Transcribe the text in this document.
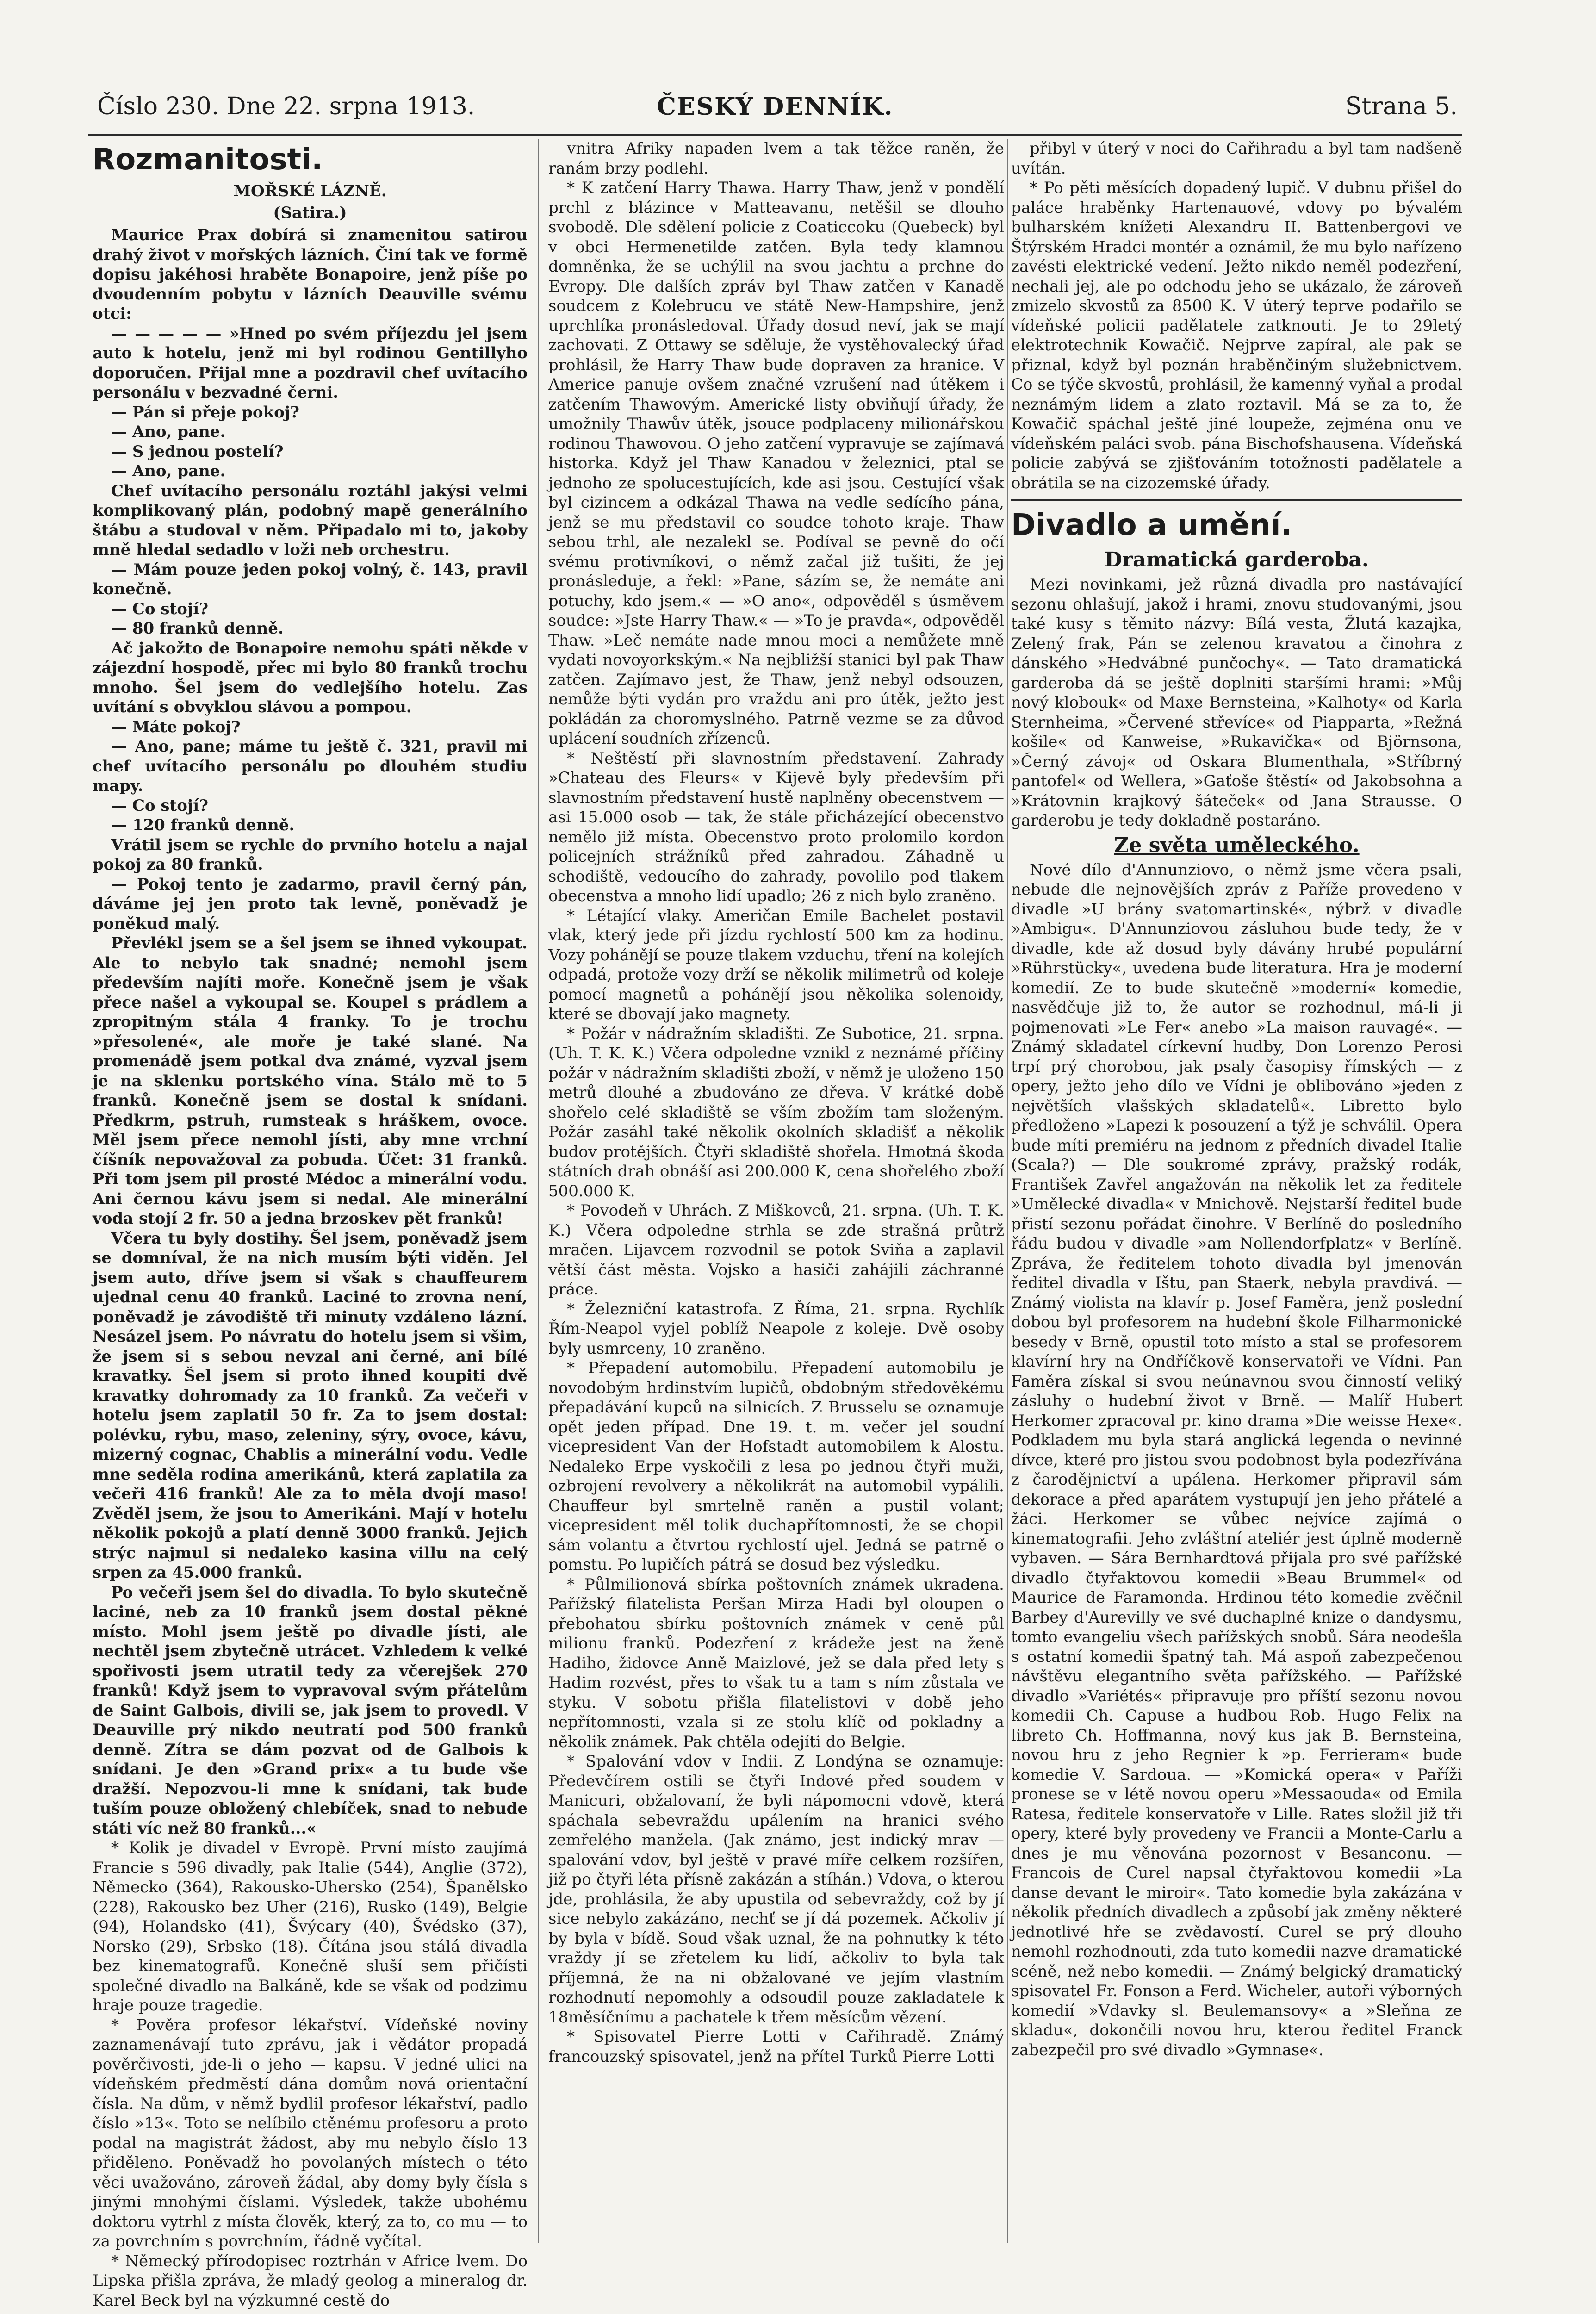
Číslo 230. Dne 22. srpna 1913.	ČESKÝ DENNÍK.	Strana 5.
Rozmanitosti.
MOŘSKÉ LÁZNĚ.
(Satira.)

Maurice Prax dobírá si znamenitou satirou drahý život v mořských lázních. Činí tak ve formě dopisu jakéhosi hraběte Bonapoire, jenž píše po dvoudenním pobytu v lázních Deauville svému otci:

— — — — — »Hned po svém příjezdu jel jsem auto k hotelu, jenž mi byl rodinou Gentillyho doporučen. Přijal mne a pozdravil chef uvítacího personálu v bezvadné černi.

— Pán si přeje pokoj?

— Ano, pane.

— S jednou postelí?

— Ano, pane.

Chef uvítacího personálu roztáhl jakýsi velmi komplikovaný plán, podobný mapě generálního štábu a studoval v něm. Připadalo mi to, jakoby mně hledal sedadlo v loži neb orchestru.

— Mám pouze jeden pokoj volný, č. 143, pravil konečně.

— Co stojí?

— 80 franků denně.

Ač jakožto de Bonapoire nemohu spáti někde v zájezdní hospodě, přec mi bylo 80 franků trochu mnoho. Šel jsem do vedlejšího hotelu. Zas uvítání s obvyklou slávou a pompou.

— Máte pokoj?

— Ano, pane; máme tu ještě č. 321, pravil mi chef uvítacího personálu po dlouhém studiu mapy.

— Co stojí?

— 120 franků denně.

Vrátil jsem se rychle do prvního hotelu a najal pokoj za 80 franků.

— Pokoj tento je zadarmo, pravil černý pán, dáváme jej jen proto tak levně, poněvadž je poněkud malý.

Převlékl jsem se a šel jsem se ihned vykoupat. Ale to nebylo tak snadné; nemohl jsem především najíti moře. Konečně jsem je však přece našel a vykoupal se. Koupel s prádlem a zpropitným stála 4 franky. To je trochu »přesolené«, ale moře je také slané. Na promenádě jsem potkal dva známé, vyzval jsem je na sklenku portského vína. Stálo mě to 5 franků. Konečně jsem se dostal k snídani. Předkrm, pstruh, rumsteak s hráškem, ovoce. Měl jsem přece nemohl jísti, aby mne vrchní číšník nepovažoval za pobuda. Účet: 31 franků. Při tom jsem pil prosté Médoc a minerální vodu. Ani černou kávu jsem si nedal. Ale minerální voda stojí 2 fr. 50 a jedna brzoskev pět franků!

Včera tu byly dostihy. Šel jsem, poněvadž jsem se domníval, že na nich musím býti viděn. Jel jsem auto, dříve jsem si však s chauffeurem ujednal cenu 40 franků. Laciné to zrovna není, poněvadž je závodiště tři minuty vzdáleno lázní. Nesázel jsem. Po návratu do hotelu jsem si všim, že jsem si s sebou nevzal ani černé, ani bílé kravatky. Šel jsem si proto ihned koupiti dvě kravatky dohromady za 10 franků. Za večeři v hotelu jsem zaplatil 50 fr. Za to jsem dostal: polévku, rybu, maso, zeleniny, sýry, ovoce, kávu, mizerný cognac, Chablis a minerální vodu. Vedle mne seděla rodina amerikánů, která zaplatila za večeři 416 franků! Ale za to měla dvojí maso! Zvěděl jsem, že jsou to Amerikáni. Mají v hotelu několik pokojů a platí denně 3000 franků. Jejich strýc najmul si nedaleko kasina villu na celý srpen za 45.000 franků.

Po večeři jsem šel do divadla. To bylo skutečně laciné, neb za 10 franků jsem dostal pěkné místo. Mohl jsem ještě po divadle jísti, ale nechtěl jsem zbytečně utrácet. Vzhledem k velké spořivosti jsem utratil tedy za včerejšek 270 franků! Když jsem to vypravoval svým přátelům de Saint Galbois, divili se, jak jsem to provedl. V Deauville prý nikdo neutratí pod 500 franků denně. Zítra se dám pozvat od de Galbois k snídani. Je den »Grand prix« a tu bude vše dražší. Nepozvou-li mne k snídani, tak bude tuším pouze obložený chlebíček, snad to nebude státi víc než 80 franků...«

* Kolik je divadel v Evropě. První místo zaujímá Francie s 596 divadly, pak Italie (544), Anglie (372), Německo (364), Rakousko-Uhersko (254), Španělsko (228), Rakousko bez Uher (216), Rusko (149), Belgie (94), Holandsko (41), Švýcary (40), Švédsko (37), Norsko (29), Srbsko (18). Čítána jsou stálá divadla bez kinematografů. Konečně sluší sem přičísti společné divadlo na Balkáně, kde se však od podzimu hraje pouze tragedie.

* Pověra profesor lékařství. Vídeňské noviny zaznamenávají tuto zprávu, jak i vědátor propadá pověrčivosti, jde-li o jeho — kapsu. V jedné ulici na vídeňském předměstí dána domům nová orientační čísla. Na dům, v němž bydlil profesor lékařství, padlo číslo »13«. Toto se nelíbilo ctěnému profesoru a proto podal na magistrát žádost, aby mu nebylo číslo 13 přiděleno. Poněvadž ho povolaných místech o této věci uvažováno, zároveň žádal, aby domy byly čísla s jinými mnohými číslami. Výsledek, takže ubohému doktoru vytrhl z místa člověk, který, za to, co mu — to za povrchním s povrchním, řádně vyčítal.

* Německý přírodopisec roztrhán v Africe lvem. Do Lipska přišla zpráva, že mladý geolog a mineralog dr. Karel Beck byl na výzkumné cestě do

vnitra Afriky napaden lvem a tak těžce raněn, že ranám brzy podlehl.

* K zatčení Harry Thawa. Harry Thaw, jenž v pondělí prchl z blázince v Matteavanu, netěšil se dlouho svobodě. Dle sdělení policie z Coaticcoku (Quebeck) byl v obci Hermenetilde zatčen. Byla tedy klamnou domněnka, že se uchýlil na svou jachtu a prchne do Evropy. Dle dalších zpráv byl Thaw zatčen v Kanadě soudcem z Kolebrucu ve státě New-Hampshire, jenž uprchlíka pronásledoval. Úřady dosud neví, jak se mají zachovati. Z Ottawy se sděluje, že vystěhovalecký úřad prohlásil, že Harry Thaw bude dopraven za hranice. V Americe panuje ovšem značné vzrušení nad útěkem i zatčením Thawovým. Americké listy obviňují úřady, že umožnily Thawův útěk, jsouce podplaceny milionářskou rodinou Thawovou. O jeho zatčení vypravuje se zajímavá historka. Když jel Thaw Kanadou v železnici, ptal se jednoho ze spolucestujících, kde asi jsou. Cestující však byl cizincem a odkázal Thawa na vedle sedícího pána, jenž se mu představil co soudce tohoto kraje. Thaw sebou trhl, ale nezalekl se. Podíval se pevně do očí svému protivníkovi, o němž začal již tušiti, že jej pronásleduje, a řekl: »Pane, sázím se, že nemáte ani potuchy, kdo jsem.« — »O ano«, odpověděl s úsměvem soudce: »Jste Harry Thaw.« — »To je pravda«, odpověděl Thaw. »Leč nemáte nade mnou moci a nemůžete mně vydati novoyorkským.« Na nejbližší stanici byl pak Thaw zatčen. Zajímavo jest, že Thaw, jenž nebyl odsouzen, nemůže býti vydán pro vraždu ani pro útěk, ježto jest pokládán za choromyslného. Patrně vezme se za důvod uplácení soudních zřízenců.

* Neštěstí při slavnostním představení. Zahrady »Chateau des Fleurs« v Kijevě byly především při slavnostním představení hustě naplněny obecenstvem — asi 15.000 osob — tak, že stále přicházející obecenstvo nemělo již místa. Obecenstvo proto prolomilo kordon policejních strážníků před zahradou. Záhadně u schodiště, vedoucího do zahrady, povolilo pod tlakem obecenstva a mnoho lidí upadlo; 26 z nich bylo zraněno.

* Létající vlaky. Američan Emile Bachelet postavil vlak, který jede při jízdu rychlostí 500 km za hodinu. Vozy pohánějí se pouze tlakem vzduchu, tření na kolejích odpadá, protože vozy drží se několik milimetrů od koleje pomocí magnetů a pohánějí jsou několika solenoidy, které se dbovají jako magnety.

* Požár v nádražním skladišti. Ze Subotice, 21. srpna. (Uh. T. K. K.) Včera odpoledne vznikl z neznámé příčiny požár v nádražním skladišti zboží, v němž je uloženo 150 metrů dlouhé a zbudováno ze dřeva. V krátké době shořelo celé skladiště se vším zbožím tam složeným. Požár zasáhl také několik okolních skladišť a několik budov protějších. Čtyři skladiště shořela. Hmotná škoda státních drah obnáší asi 200.000 K, cena shořelého zboží 500.000 K.

* Povodeň v Uhrách. Z Miškovců, 21. srpna. (Uh. T. K. K.) Včera odpoledne strhla se zde strašná průtrž mračen. Lijavcem rozvodnil se potok Sviňa a zaplavil větší část města. Vojsko a hasiči zahájili záchranné práce.

* Železniční katastrofa. Z Říma, 21. srpna. Rychlík Řím-Neapol vyjel poblíž Neapole z koleje. Dvě osoby byly usmrceny, 10 zraněno.

* Přepadení automobilu. Přepadení automobilu je novodobým hrdinstvím lupičů, obdobným středověkému přepadávání kupců na silnicích. Z Brusselu se oznamuje opět jeden případ. Dne 19. t. m. večer jel soudní vicepresident Van der Hofstadt automobilem k Alostu. Nedaleko Erpe vyskočili z lesa po jednou čtyři muži, ozbrojení revolvery a několikrát na automobil vypálili. Chauffeur byl smrtelně raněn a pustil volant; vicepresident měl tolik duchapřítomnosti, že se chopil sám volantu a čtvrtou rychlostí ujel. Jedná se patrně o pomstu. Po lupičích pátrá se dosud bez výsledku.

* Půlmilionová sbírka poštovních známek ukradena. Pařížský filatelista Peršan Mirza Hadi byl oloupen o přebohatou sbírku poštovních známek v ceně půl milionu franků. Podezření z krádeže jest na ženě Hadiho, židovce Anně Maizlové, jež se dala před lety s Hadim rozvést, přes to však tu a tam s ním zůstala ve styku. V sobotu přišla filatelistovi v době jeho nepřítomnosti, vzala si ze stolu klíč od pokladny a několik známek. Pak chtěla odejíti do Belgie.

* Spalování vdov v Indii. Z Londýna se oznamuje: Předevčírem ostili se čtyři Indové před soudem v Manicuri, obžalovaní, že byli nápomocni vdově, která spáchala sebevraždu upálením na hranici svého zemřelého manžela. (Jak známo, jest indický mrav — spalování vdov, byl ještě v pravé míře celkem rozšířen, již po čtyři léta přísně zakázán a stíhán.) Vdova, o kterou jde, prohlásila, že aby upustila od sebevraždy, což by jí sice nebylo zakázáno, nechť se jí dá pozemek. Ačkoliv jí by byla v bídě. Soud však uznal, že na pohnutky k této vraždy jí se zřetelem ku lidí, ačkoliv to byla tak příjemná, že na ni obžalované ve jejím vlastním rozhodnutí nepomohly a odsoudil pouze zakladatele k 18měsíčnímu a pachatele k třem měsícům vězení.

* Spisovatel Pierre Lotti v Cařihradě. Známý francouzský spisovatel, jenž na přítel Turků Pierre Lotti

přibyl v úterý v noci do Cařihradu a byl tam nadšeně uvítán.

* Po pěti měsících dopadený lupič. V dubnu přišel do paláce hraběnky Hartenauové, vdovy po bývalém bulharském knížeti Alexandru II. Battenbergovi ve Štýrském Hradci montér a oznámil, že mu bylo nařízeno zavésti elektrické vedení. Ježto nikdo neměl podezření, nechali jej, ale po odchodu jeho se ukázalo, že zároveň zmizelo skvostů za 8500 K. V úterý teprve podařilo se vídeňské policii padělatele zatknouti. Je to 29letý elektrotechnik Kowačič. Nejprve zapíral, ale pak se přiznal, když byl poznán hraběnčiným služebnictvem. Co se týče skvostů, prohlásil, že kamenný vyňal a prodal neznámým lidem a zlato roztavil. Má se za to, že Kowačič spáchal ještě jiné loupeže, zejména onu ve vídeňském paláci svob. pána Bischofshausena. Vídeňská policie zabývá se zjišťováním totožnosti padělatele a obrátila se na cizozemské úřady.

Divadlo a umění.
Dramatická garderoba.

Mezi novinkami, jež různá divadla pro nastávající sezonu ohlašují, jakož i hrami, znovu studovanými, jsou také kusy s těmito názvy: Bílá vesta, Žlutá kazajka, Zelený frak, Pán se zelenou kravatou a činohra z dánského »Hedvábné punčochy«. — Tato dramatická garderoba dá se ještě doplniti staršími hrami: »Můj nový klobouk« od Maxe Bernsteina, »Kalhoty« od Karla Sternheima, »Červené střevíce« od Piapparta, »Režná košile« od Kanweise, »Rukavička« od Björnsona, »Černý závoj« od Oskara Blumenthala, »Stříbrný pantofel« od Wellera, »Gaťoše štěstí« od Jakobsohna a »Krátovnin krajkový šáteček« od Jana Strausse. O garderobu je tedy dokladně postaráno.

Ze světa uměleckého.

Nové dílo d'Annunziovo, o němž jsme včera psali, nebude dle nejnovějších zpráv z Paříže provedeno v divadle »U brány svatomartinské«, nýbrž v divadle »Ambigu«. D'Annunziovou zásluhou bude tedy, že v divadle, kde až dosud byly dávány hrubé populární »Rührstücky«, uvedena bude literatura. Hra je moderní komedií. Ze to bude skutečně »moderní« komedie, nasvědčuje již to, že autor se rozhodnul, má-li ji pojmenovati »Le Fer« anebo »La maison rauvagé«. — Známý skladatel církevní hudby, Don Lorenzo Perosi trpí prý chorobou, jak psaly časopisy římských — z opery, ježto jeho dílo ve Vídni je oblibováno »jeden z největších vlašských skladatelů«. Libretto bylo předloženo »Lapezi k posouzení a týž je schválil. Opera bude míti premiéru na jednom z předních divadel Italie (Scala?) — Dle soukromé zprávy, pražský rodák, František Zavřel angažován na několik let za ředitele »Umělecké divadla« v Mnichově. Nejstarší ředitel bude přistí sezonu pořádat činohre. V Berlíně do posledního řádu budou v divadle »am Nollendorfplatz« v Berlíně. Zpráva, že ředitelem tohoto divadla byl jmenován ředitel divadla v Ištu, pan Staerk, nebyla pravdivá. — Známý violista na klavír p. Josef Faměra, jenž poslední dobou byl profesorem na hudební škole Filharmonické besedy v Brně, opustil toto místo a stal se profesorem klavírní hry na Ondříčkově konservatoři ve Vídni. Pan Faměra získal si svou neúnavnou svou činností veliký zásluhy o hudební život v Brně. — Malíř Hubert Herkomer zpracoval pr. kino drama »Die weisse Hexe«. Podkladem mu byla stará anglická legenda o nevinné dívce, které pro jistou svou podobnost byla podezřívána z čarodějnictví a upálena. Herkomer připravil sám dekorace a před aparátem vystupují jen jeho přátelé a žáci. Herkomer se vůbec nejvíce zajímá o kinematografii. Jeho zvláštní ateliér jest úplně moderně vybaven. — Sára Bernhardtová přijala pro své pařížské divadlo čtyřaktovou komedii »Beau Brummel« od Maurice de Faramonda. Hrdinou této komedie zvěčnil Barbey d'Aurevilly ve své duchaplné knize o dandysmu, tomto evangeliu všech pařížských snobů. Sára neodešla s ostatní komedii špatný tah. Má aspoň zabezpečenou návštěvu elegantního světa pařížského. — Pařížské divadlo »Variétés« připravuje pro příští sezonu novou komedii Ch. Capuse a hudbou Rob. Hugo Felix na libreto Ch. Hoffmanna, nový kus jak B. Bernsteina, novou hru z jeho Regnier k »p. Ferrieram« bude komedie V. Sardoua. — »Komická opera« v Paříži pronese se v létě novou operu »Messaouda« od Emila Ratesa, ředitele konservatoře v Lille. Rates složil již tři opery, které byly provedeny ve Francii a Monte-Carlu a dnes je mu věnována pozornost v Besanconu. — Francois de Curel napsal čtyřaktovou komedii »La danse devant le miroir«. Tato komedie byla zakázána v několik předních divadlech a způsobí jak změny některé jednotlivé hře se zvědavostí. Curel se prý dlouho nemohl rozhodnouti, zda tuto komedii nazve dramatické scéně, než nebo komedii. — Známý belgický dramatický spisovatel Fr. Fonson a Ferd. Wicheler, autoři výborných komedií »Vdavky sl. Beulemansovy« a »Sleňna ze skladu«, dokončili novou hru, kterou ředitel Franck zabezpečil pro své divadlo »Gymnase«.
